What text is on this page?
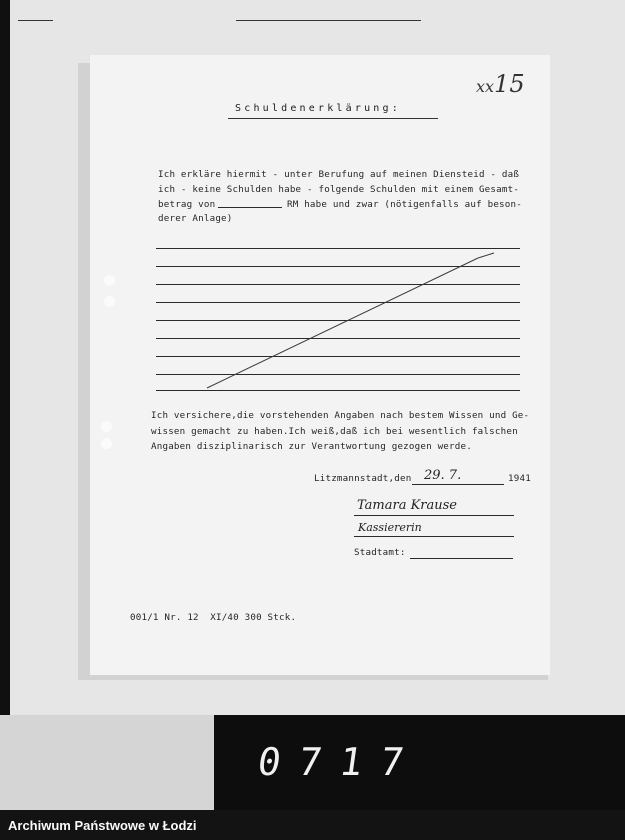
xx15
Schuldenerklärung:
Ich erkläre hiermit - unter Berufung auf meinen Diensteid - daß
ich - keine Schulden habe - folgende Schulden mit einem Gesamt-
betrag von	RM habe und zwar (nötigenfalls auf beson-
derer Anlage)
Ich versichere,die vorstehenden Angaben nach bestem Wissen und Ge-
wissen gemacht zu haben.Ich weiß,daß ich bei wesentlich falschen
Angaben disziplinarisch zur Verantwortung gezogen werde.
Litzmannstadt,den 29. 7.	1941
Tamara Krause
Kassiererin
Stadtamt:
001/1 Nr. 12  XI/40 300 Stck.
0717
Archiwum Państwowe w Łodzi
